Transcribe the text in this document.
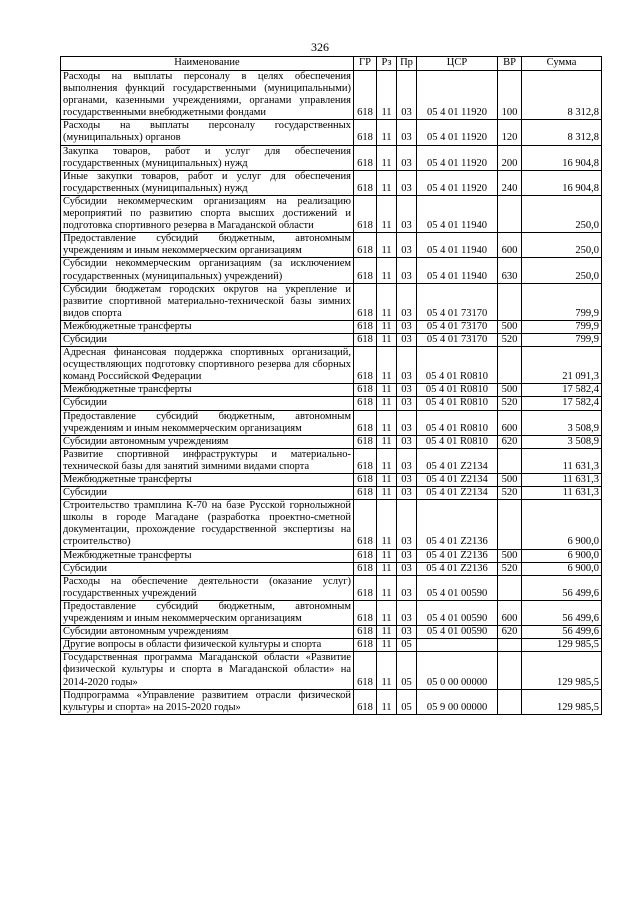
326
Наименование	ГР	Рз	Пр	ЦСР	ВР	Сумма
Расходы на выплаты персоналу в целях обеспечения выполнения функций государственными (муниципальными) органами, казенными учреждениями, органами управления государственными внебюджетными фондами	618	11	03	05 4 01 11920	100	8 312,8
Расходы на выплаты персоналу государственных (муниципальных) органов	618	11	03	05 4 01 11920	120	8 312,8
Закупка товаров, работ и услуг для обеспечения государственных (муниципальных) нужд	618	11	03	05 4 01 11920	200	16 904,8
Иные закупки товаров, работ и услуг для обеспечения государственных (муниципальных) нужд	618	11	03	05 4 01 11920	240	16 904,8
Субсидии некоммерческим организациям на реализацию мероприятий по развитию спорта высших достижений и подготовка спортивного резерва в Магаданской области	618	11	03	05 4 01 11940		250,0
Предоставление субсидий бюджетным, автономным учреждениям и иным некоммерческим организациям	618	11	03	05 4 01 11940	600	250,0
Субсидии некоммерческим организациям (за исключением государственных (муниципальных) учреждений)	618	11	03	05 4 01 11940	630	250,0
Субсидии бюджетам городских округов на укрепление и развитие спортивной материально-технической базы зимних видов спорта	618	11	03	05 4 01 73170		799,9
Межбюджетные трансферты	618	11	03	05 4 01 73170	500	799,9
Субсидии	618	11	03	05 4 01 73170	520	799,9
Адресная финансовая поддержка спортивных организаций, осуществляющих подготовку спортивного резерва для сборных команд Российской Федерации	618	11	03	05 4 01 R0810		21 091,3
Межбюджетные трансферты	618	11	03	05 4 01 R0810	500	17 582,4
Субсидии	618	11	03	05 4 01 R0810	520	17 582,4
Предоставление субсидий бюджетным, автономным учреждениям и иным некоммерческим организациям	618	11	03	05 4 01 R0810	600	3 508,9
Субсидии автономным учреждениям	618	11	03	05 4 01 R0810	620	3 508,9
Развитие спортивной инфраструктуры и материально-технической базы для занятий зимними видами спорта	618	11	03	05 4 01 Z2134		11 631,3
Межбюджетные трансферты	618	11	03	05 4 01 Z2134	500	11 631,3
Субсидии	618	11	03	05 4 01 Z2134	520	11 631,3
Строительство трамплина К-70 на базе Русской горнолыжной школы в городе Магадане (разработка проектно-сметной документации, прохождение государственной экспертизы на строительство)	618	11	03	05 4 01 Z2136		6 900,0
Межбюджетные трансферты	618	11	03	05 4 01 Z2136	500	6 900,0
Субсидии	618	11	03	05 4 01 Z2136	520	6 900,0
Расходы на обеспечение деятельности (оказание услуг) государственных учреждений	618	11	03	05 4 01 00590		56 499,6
Предоставление субсидий бюджетным, автономным учреждениям и иным некоммерческим организациям	618	11	03	05 4 01 00590	600	56 499,6
Субсидии автономным учреждениям	618	11	03	05 4 01 00590	620	56 499,6
Другие вопросы в области физической культуры и спорта	618	11	05			129 985,5
Государственная программа Магаданской области «Развитие физической культуры и спорта в Магаданской области» на 2014-2020 годы»	618	11	05	05 0 00 00000		129 985,5
Подпрограмма «Управление развитием отрасли физической культуры и спорта» на 2015-2020 годы»	618	11	05	05 9 00 00000		129 985,5
